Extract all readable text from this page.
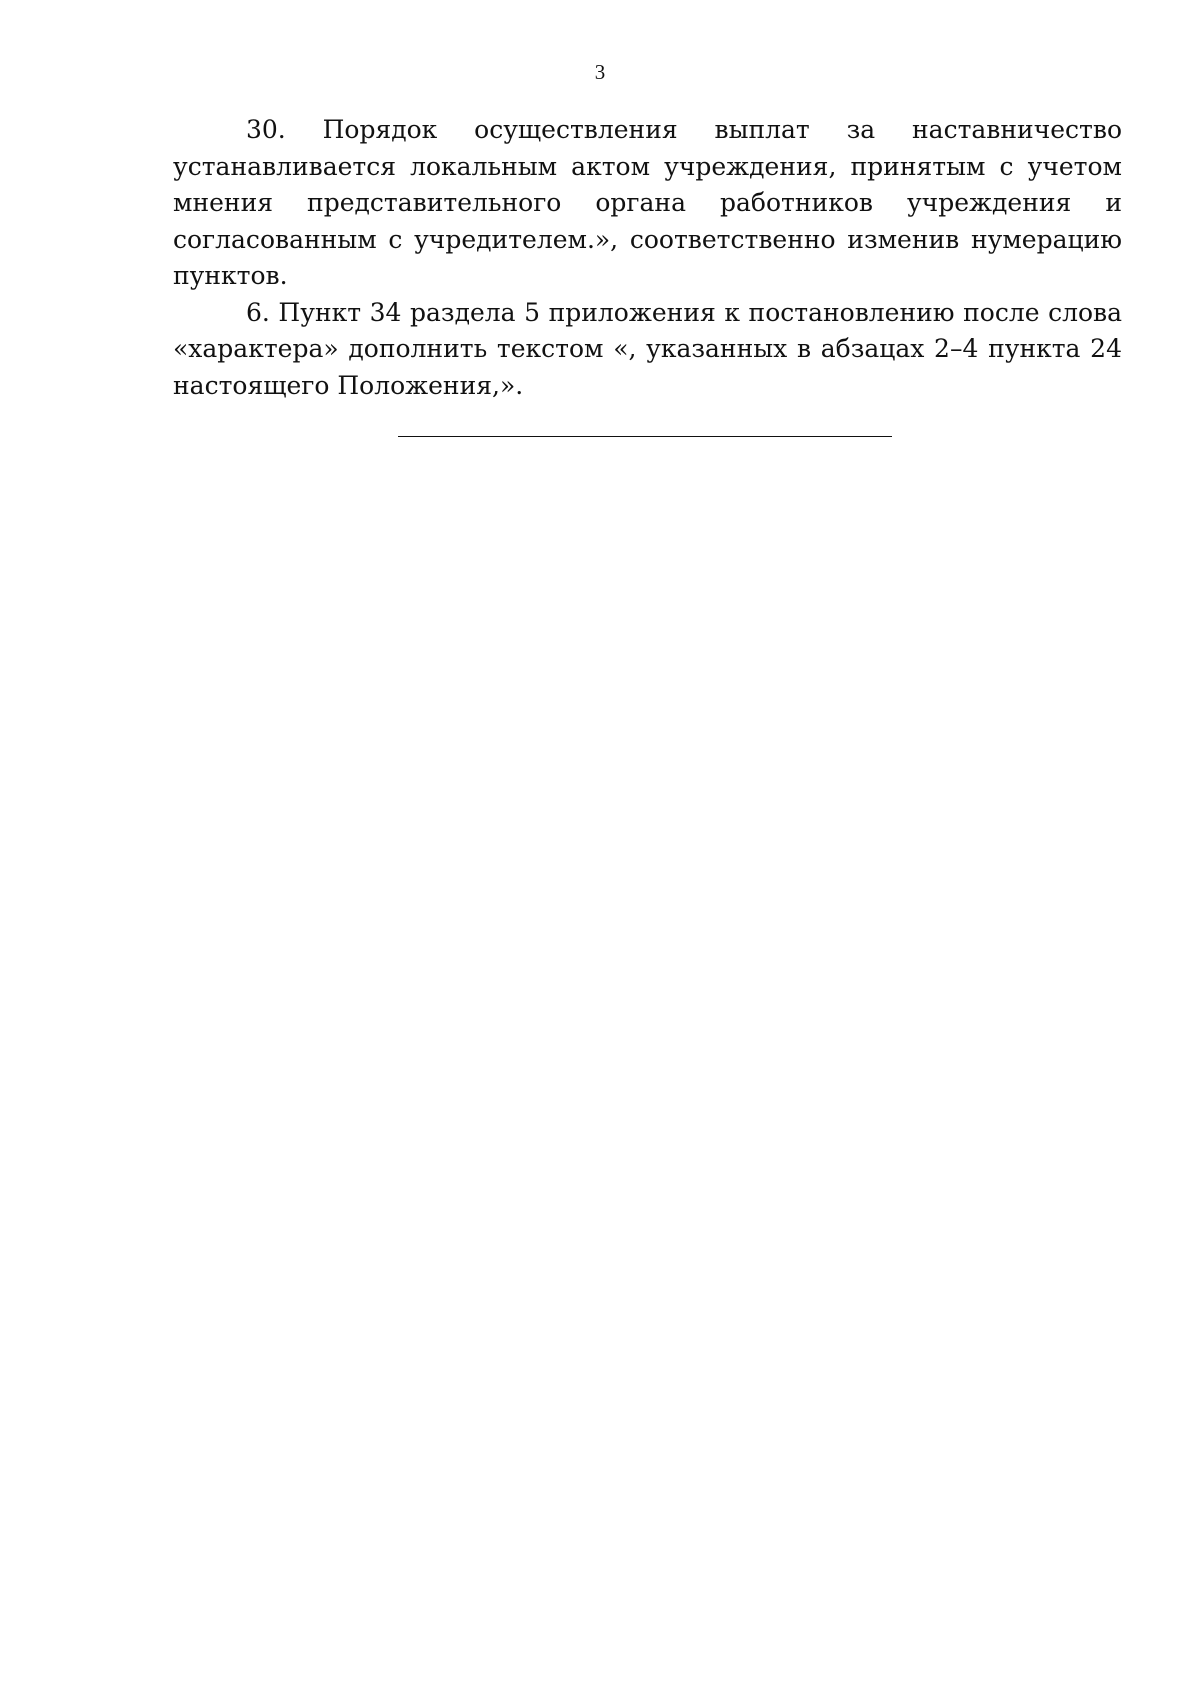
3

30. Порядок осуществления выплат за наставничество устанавливается локальным актом учреждения, принятым с учетом мнения представительного органа работников учреждения и согласованным с учредителем.», соответственно изменив нумерацию пунктов.

6. Пункт 34 раздела 5 приложения к постановлению после слова «характера» дополнить текстом «, указанных в абзацах 2–4 пункта 24 настоящего Положения,».
